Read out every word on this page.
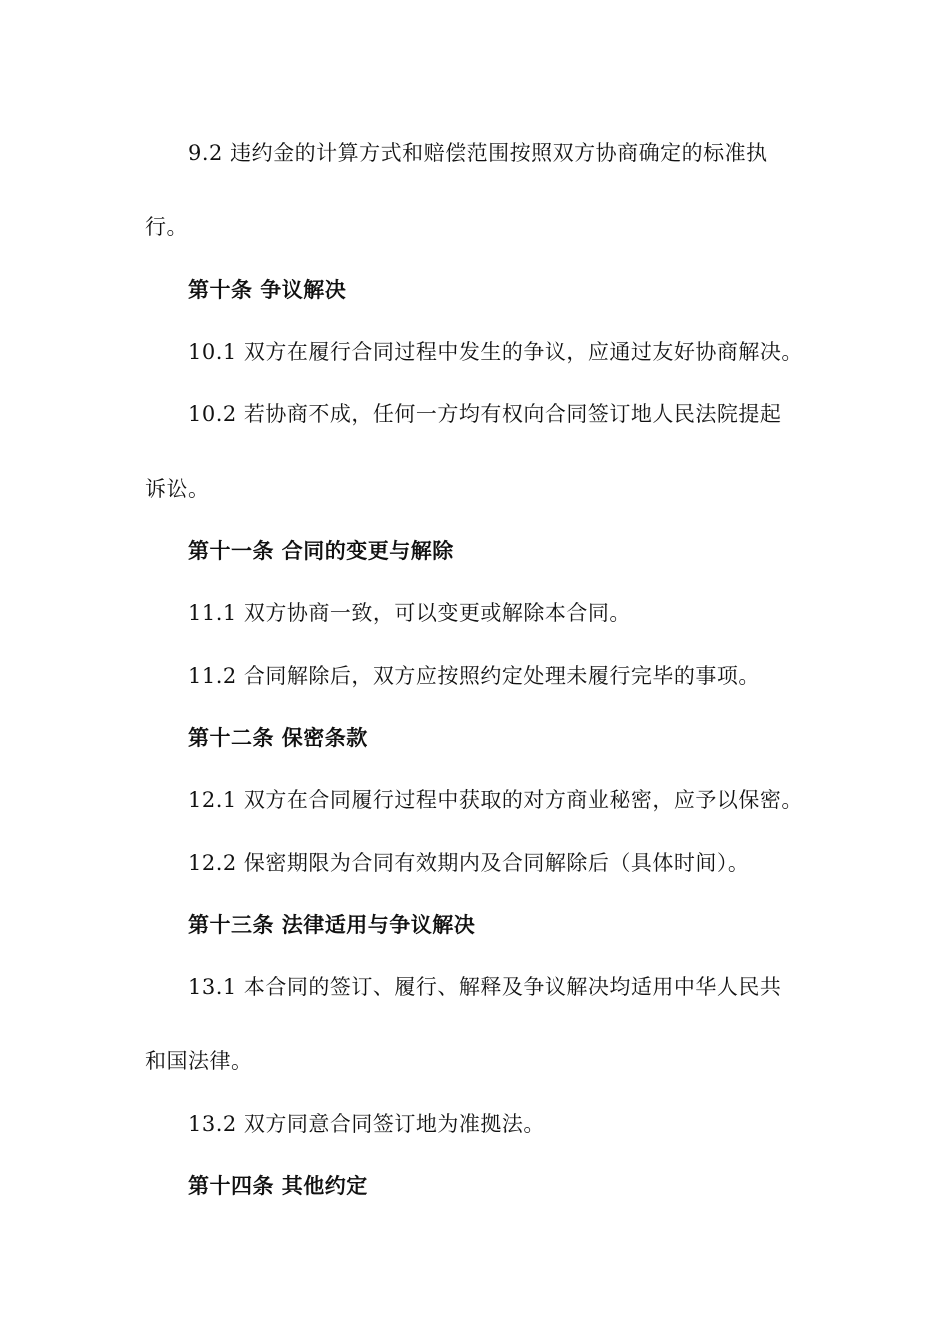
9.2 违约金的计算方式和赔偿范围按照双方协商确定的标准执
行。
第十条 争议解决
10.1 双方在履行合同过程中发生的争议，应通过友好协商解决。
10.2 若协商不成，任何一方均有权向合同签订地人民法院提起
诉讼。
第十一条 合同的变更与解除
11.1 双方协商一致，可以变更或解除本合同。
11.2 合同解除后，双方应按照约定处理未履行完毕的事项。
第十二条 保密条款
12.1 双方在合同履行过程中获取的对方商业秘密，应予以保密。
12.2 保密期限为合同有效期内及合同解除后（具体时间）。
第十三条 法律适用与争议解决
13.1 本合同的签订、履行、解释及争议解决均适用中华人民共
和国法律。
13.2 双方同意合同签订地为准拠法。
第十四条 其他约定
